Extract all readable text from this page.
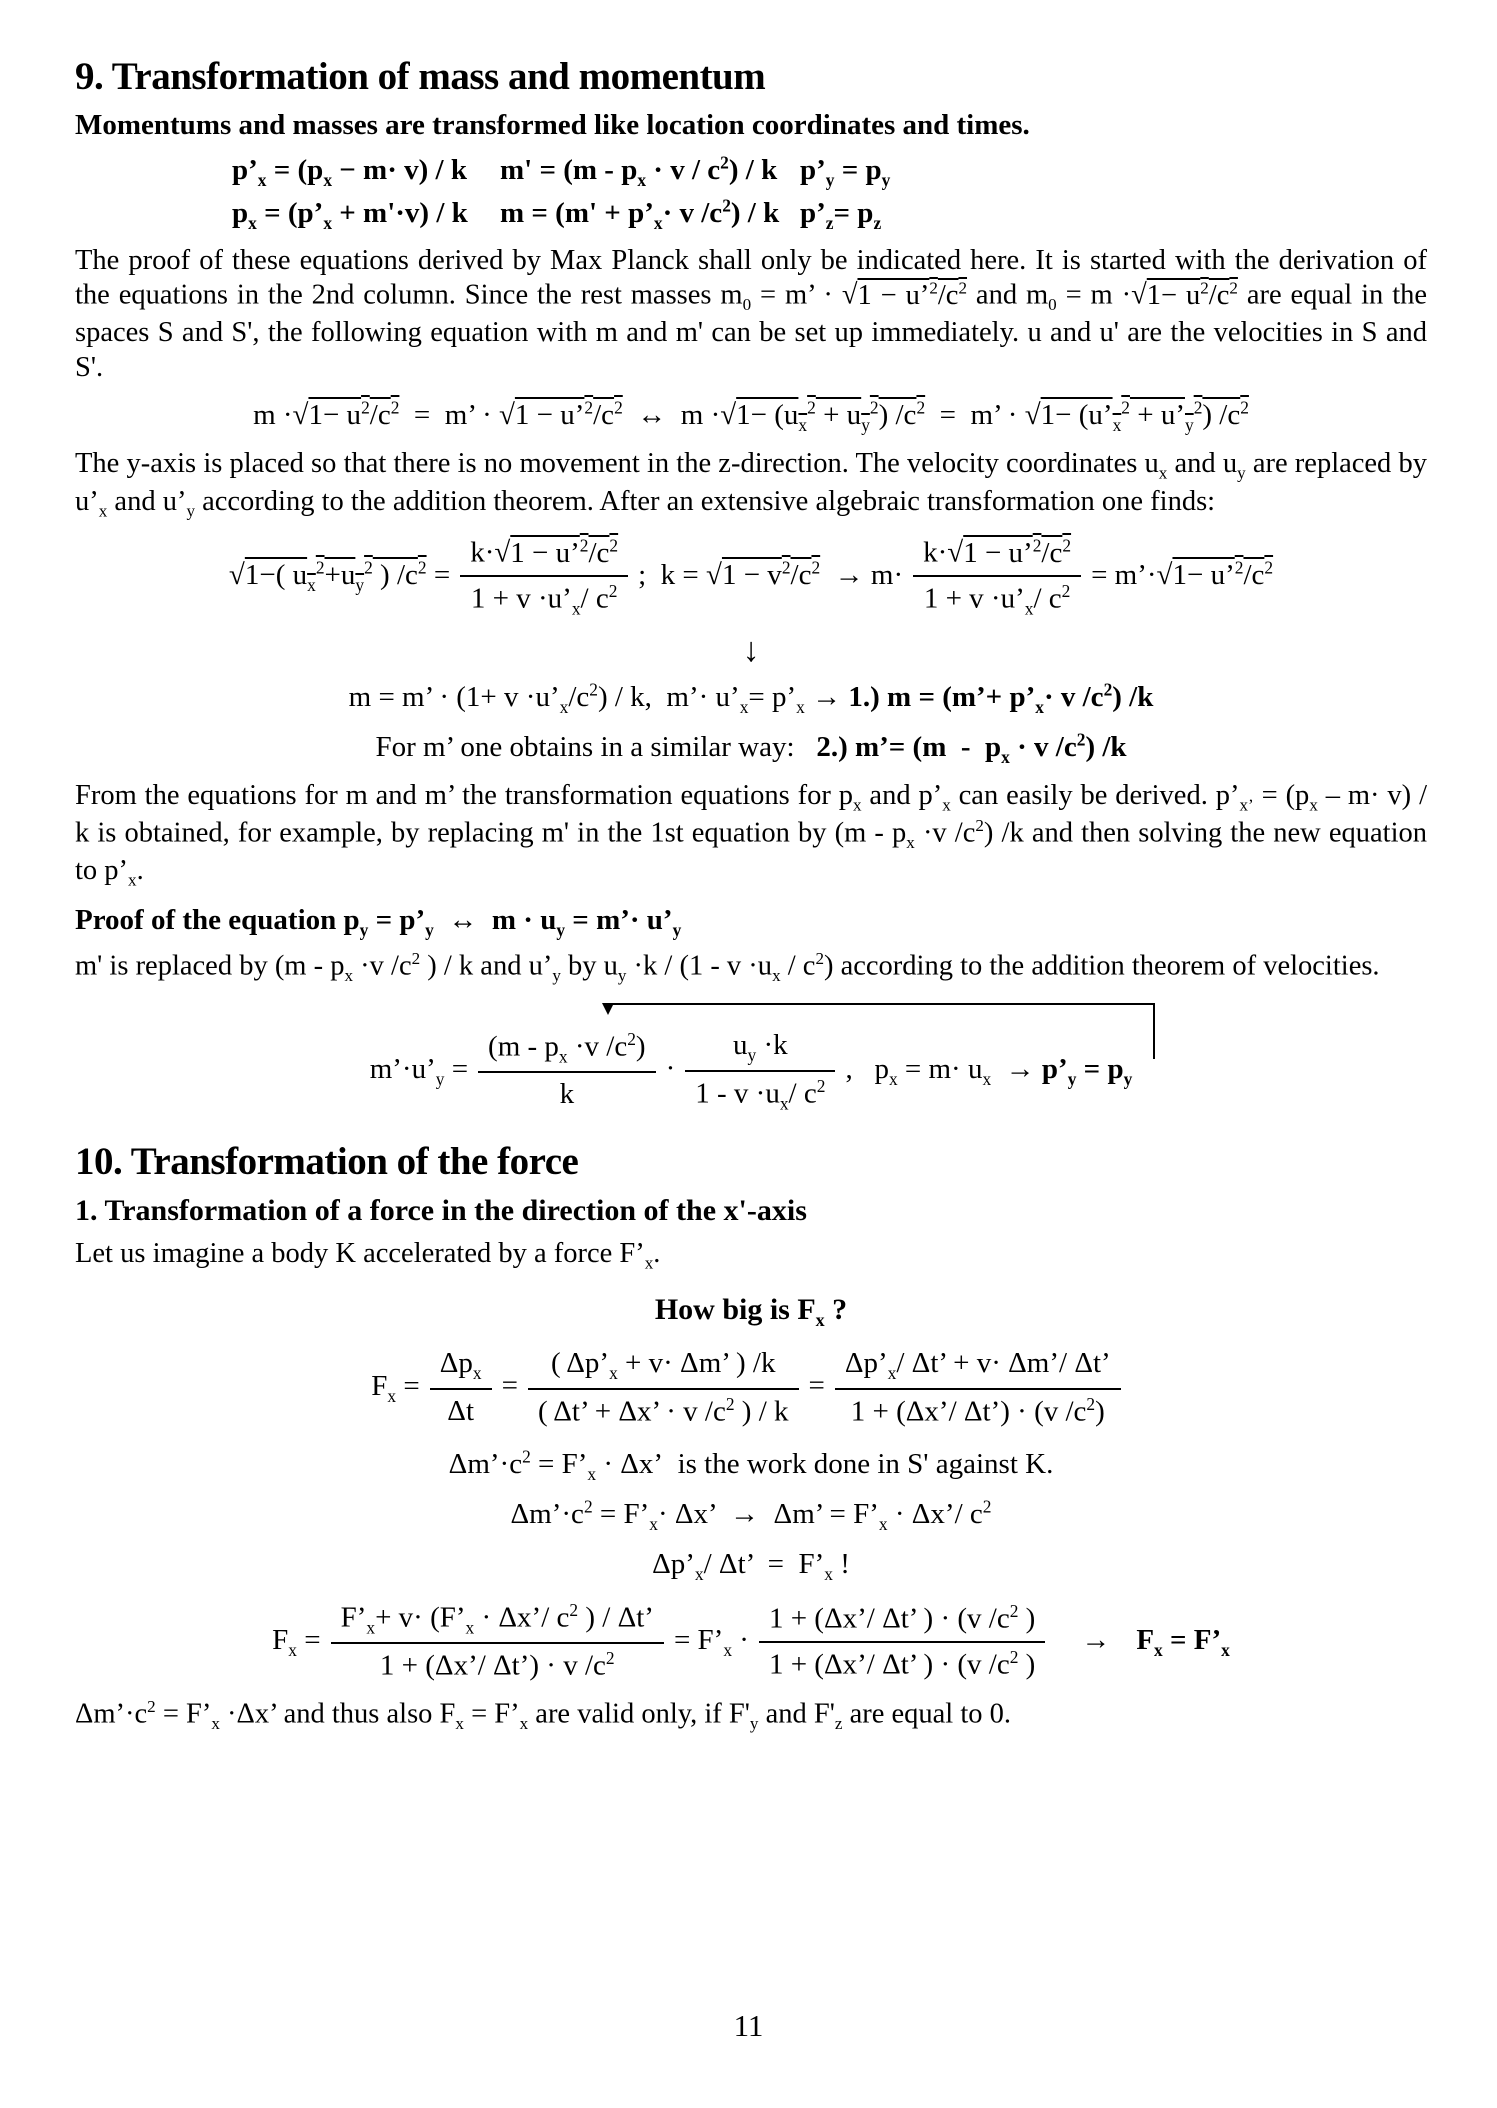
9. Transformation of mass and momentum
Momentums and masses are transformed like location coordinates and times.
$p’_x = (p_x - m\cdot v) / k$	$m' = (m - p_x \cdot v / c^2) / k$ $p’_y = p_y$
$p_x$ = $(p’_x + m'\cdot v) / k$	$m = (m' + p’_x\cdot v$ $/c^2$) / k $p’_z= p_z$

The proof of these equations derived by Max Planck shall only be indicated here. It is started with the derivation of the equations in the 2nd column. Since the rest masses $m_0 = m$’ · $√1 - u’^2/c^2$ and $m_0 = m \cdot√1- u^2/c^2$ are equal in the spaces S and S', the following equation with m and m' can be set up immediately. u and u' are the velocities in S and S'.

$m \cdot√1- u^2/c^2 = m$’ · $√1 - u’^2/c^2$  ↔  $m \cdot√1- (u_x^2 + u_y^2) /c^2 = m$’ · $√1- (u’_x^2$ + $u’_y^2$) $/c^2$

The y-axis is placed so that there is no movement in the z-direction. The velocity coordinates $u_x$ and $u_y$ are replaced by $u’_x$ and $u’_y$ according to the addition theorem. After an extensive algebraic transformation one finds:

√1−( $u_x^2+u_y^2$ ) $/c^2 = \frac{k\cdot√1 - u’^2/c^2}{1 + v \cdot u’_x/ c^2}$ ;  $k = √1 - v^2/c^2 \to m\cdot \frac{k\cdot√1 - u’^2/c^2}{1 + v \cdot u’_x/ c^2}$ = m’·√1− $u’^2/c^2$
↓
m = m’ · $(1+ v \cdot u’_x/c^2) / k$,  m’· $u’_x=$ $p’_x \to 1$.) m = (m’+ $p’_x\cdot v$ $/c^2$) /k
For m’ one obtains in a similar way:   2.) m’= ($m - p_x \cdot v$ $/c^2$) /k

From the equations for m and m’ the transformation equations for $p_x$ and $p’_x$ can easily be derived. $p’_{x’} = (p_x - m\cdot v) / k$ is obtained, for example, by replacing m' in the 1st equation by ($m - p_x \cdot v$ $/c^2$) /k and then solving the new equation to $p’_x$.

Proof of the equation $p_y$ = $p’_y$  ↔  $m \cdot u_y$ = m’· $u’_y$

m' is replaced by ($m - p_x \cdot v$ $/c^2$ ) / k and $u’_y$ by $u_y \cdot k / (1 - v \cdot u_x / c^2)$ according to the addition theorem of velocities.

$m’\cdot u’_y = \frac{(m - p_x \cdot v /c^2)}{k} \cdot \frac{u_y \cdot k}{1 - v \cdot u_x/ c^2}$ ,   $p_x = m\cdot u_x$  → $p’_y = p_y$
10. Transformation of the force
1. Transformation of a force in the direction of the x'-axis

Let us imagine a body K accelerated by a force $F’_x$.

How big is $F_x$ ?
$F_x = \frac{\Delta p_x}{\Delta t} = \frac{( \Delta p’_x + v\cdot \Delta m’ ) /k}{( \Delta t’ + \Delta x’ \cdot v /c^2 ) / k} = \frac{\Delta p’_x/ \Delta t’ + v\cdot \Delta m’/ \Delta t’}{1 + (\Delta x’/ \Delta t’) \cdot (v /c^2)}$
$\Delta m’\cdot c^2$ = $F’_x \cdot \Delta x$’  is the work done in S' against K.
$\Delta m’\cdot c^2$ = $F’_x\cdot \Delta x$’  →  Δm’ = $F’_x$ · Δx’/ $c^2$
$\Delta p’_x/$ Δt’  =  $F’_x$ !
$F_x = \frac{F’_x+ v\cdot (F’_x \cdot \Delta x’/ c^2 ) / \Delta t’}{1 + (\Delta x’/ \Delta t’) \cdot v /c^2}$ = $F’_x \cdot \frac{1 + (\Delta x’/ \Delta t’ ) \cdot (v /c^2 )}{1 + (\Delta x’/ \Delta t’ ) \cdot (v /c^2 )} \to F_x$ = $F’_x$

$\Delta m’\cdot c^2$ = $F’_x \cdot\Delta x$’ and thus also $F_x$ = $F’_x$ are valid only, if $F'_y$ and $F'_z$ are equal to 0.

11
